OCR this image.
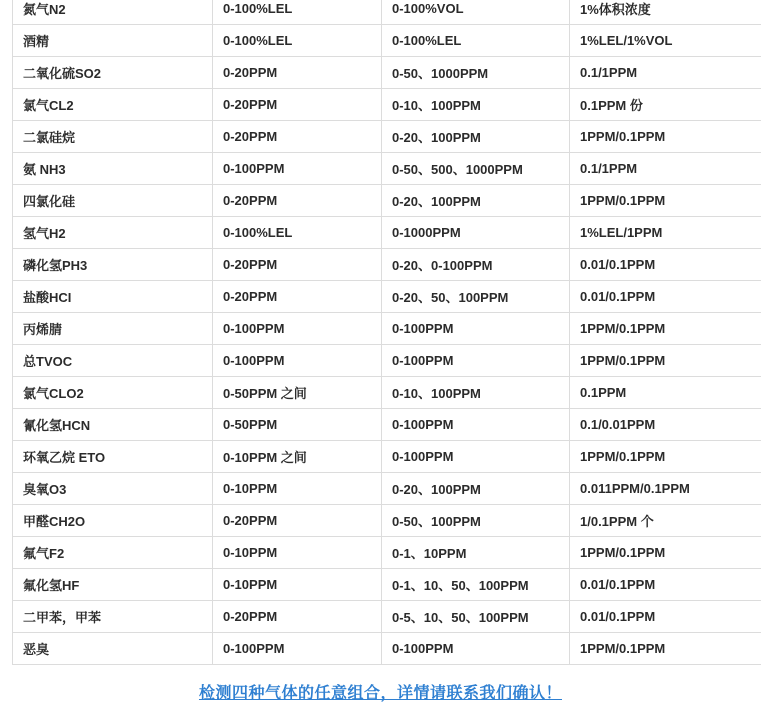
氮气N2	0-100%LEL	0-100%VOL	1%体积浓度
酒精	0-100%LEL	0-100%LEL	1%LEL/1%VOL
二氧化硫SO2	0-20PPM	0-50、1000PPM	0.1/1PPM
氯气CL2	0-20PPM	0-10、100PPM	0.1PPM 份
二氯硅烷	0-20PPM	0-20、100PPM	1PPM/0.1PPM
氨 NH3	0-100PPM	0-50、500、1000PPM	0.1/1PPM
四氯化硅	0-20PPM	0-20、100PPM	1PPM/0.1PPM
氢气H2	0-100%LEL	0-1000PPM	1%LEL/1PPM
磷化氢PH3	0-20PPM	0-20、0-100PPM	0.01/0.1PPM
盐酸HCI	0-20PPM	0-20、50、100PPM	0.01/0.1PPM
丙烯腈	0-100PPM	0-100PPM	1PPM/0.1PPM
总TVOC	0-100PPM	0-100PPM	1PPM/0.1PPM
氯气CLO2	0-50PPM 之间	0-10、100PPM	0.1PPM
氰化氢HCN	0-50PPM	0-100PPM	0.1/0.01PPM
环氧乙烷 ETO	0-10PPM 之间	0-100PPM	1PPM/0.1PPM
臭氧O3	0-10PPM	0-20、100PPM	0.011PPM/0.1PPM
甲醛CH2O	0-20PPM	0-50、100PPM	1/0.1PPM 个
氟气F2	0-10PPM	0-1、10PPM	1PPM/0.1PPM
氟化氢HF	0-10PPM	0-1、10、50、100PPM	0.01/0.1PPM
二甲苯，甲苯	0-20PPM	0-5、10、50、100PPM	0.01/0.1PPM
恶臭	0-100PPM	0-100PPM	1PPM/0.1PPM
检测四种气体的任意组合，详情请联系我们确认！
